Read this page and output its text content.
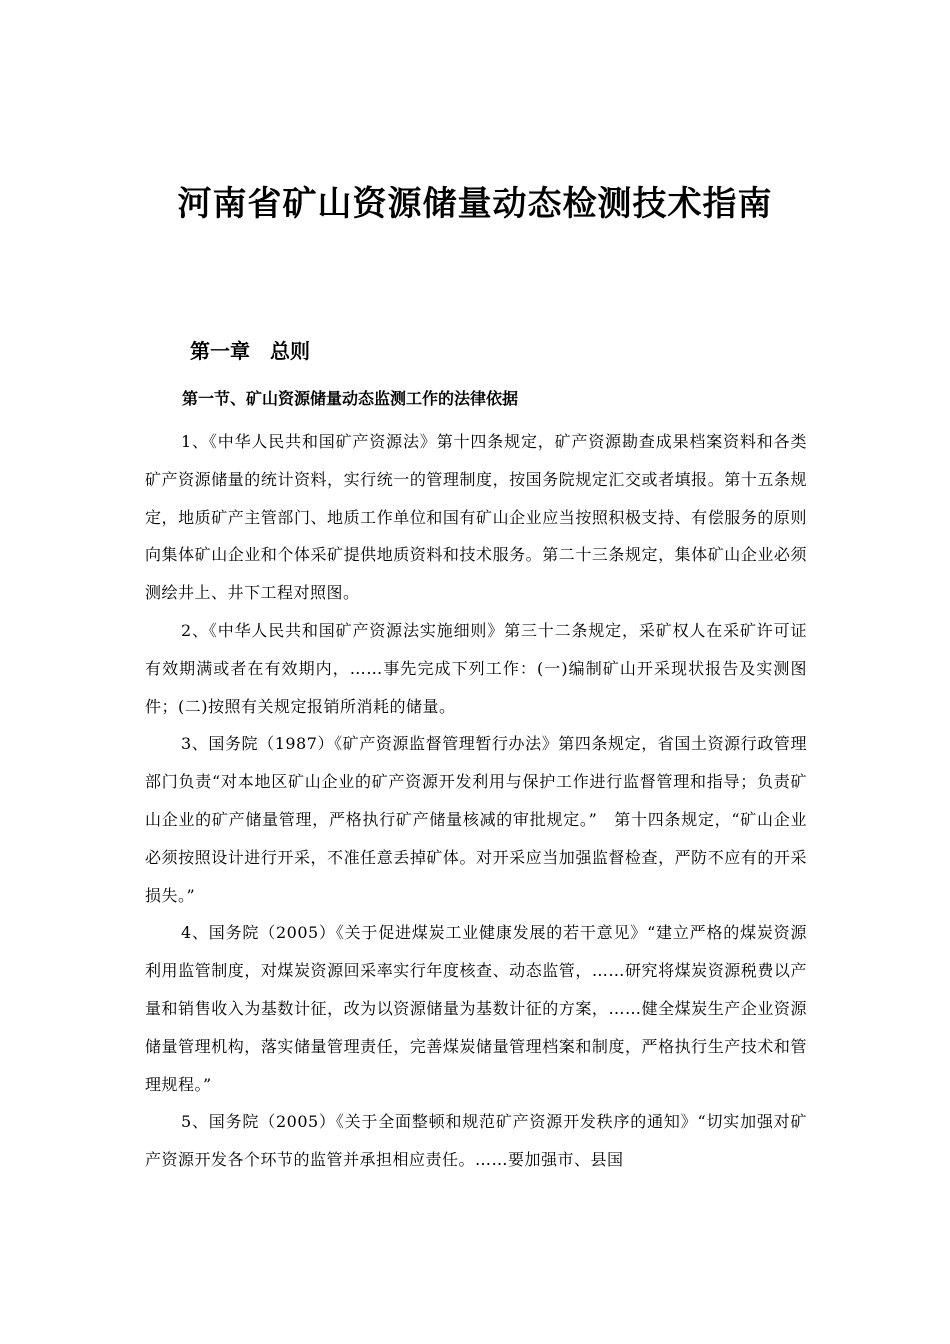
河南省矿山资源储量动态检测技术指南
第一章　总则
第一节、矿山资源储量动态监测工作的法律依据

1、《中华人民共和国矿产资源法》第十四条规定，矿产资源勘查成果档案资料和各类矿产资源储量的统计资料，实行统一的管理制度，按国务院规定汇交或者填报。第十五条规定，地质矿产主管部门、地质工作单位和国有矿山企业应当按照积极支持、有偿服务的原则向集体矿山企业和个体采矿提供地质资料和技术服务。第二十三条规定，集体矿山企业必须测绘井上、井下工程对照图。

2、《中华人民共和国矿产资源法实施细则》第三十二条规定，采矿权人在采矿许可证有效期满或者在有效期内，……事先完成下列工作：(一)编制矿山开采现状报告及实测图件；(二)按照有关规定报销所消耗的储量。

3、国务院（1987）《矿产资源监督管理暂行办法》第四条规定，省国土资源行政管理部门负责“对本地区矿山企业的矿产资源开发利用与保护工作进行监督管理和指导；负责矿山企业的矿产储量管理，严格执行矿产储量核减的审批规定。”　第十四条规定，“矿山企业必须按照设计进行开采，不准任意丢掉矿体。对开采应当加强监督检查，严防不应有的开采损失。”

4、国务院（2005）《关于促进煤炭工业健康发展的若干意见》“建立严格的煤炭资源利用监管制度，对煤炭资源回采率实行年度核查、动态监管，……研究将煤炭资源税费以产量和销售收入为基数计征，改为以资源储量为基数计征的方案，……健全煤炭生产企业资源储量管理机构，落实储量管理责任，完善煤炭储量管理档案和制度，严格执行生产技术和管理规程。”

5、国务院（2005）《关于全面整顿和规范矿产资源开发秩序的通知》“切实加强对矿产资源开发各个环节的监管并承担相应责任。……要加强市、县国
